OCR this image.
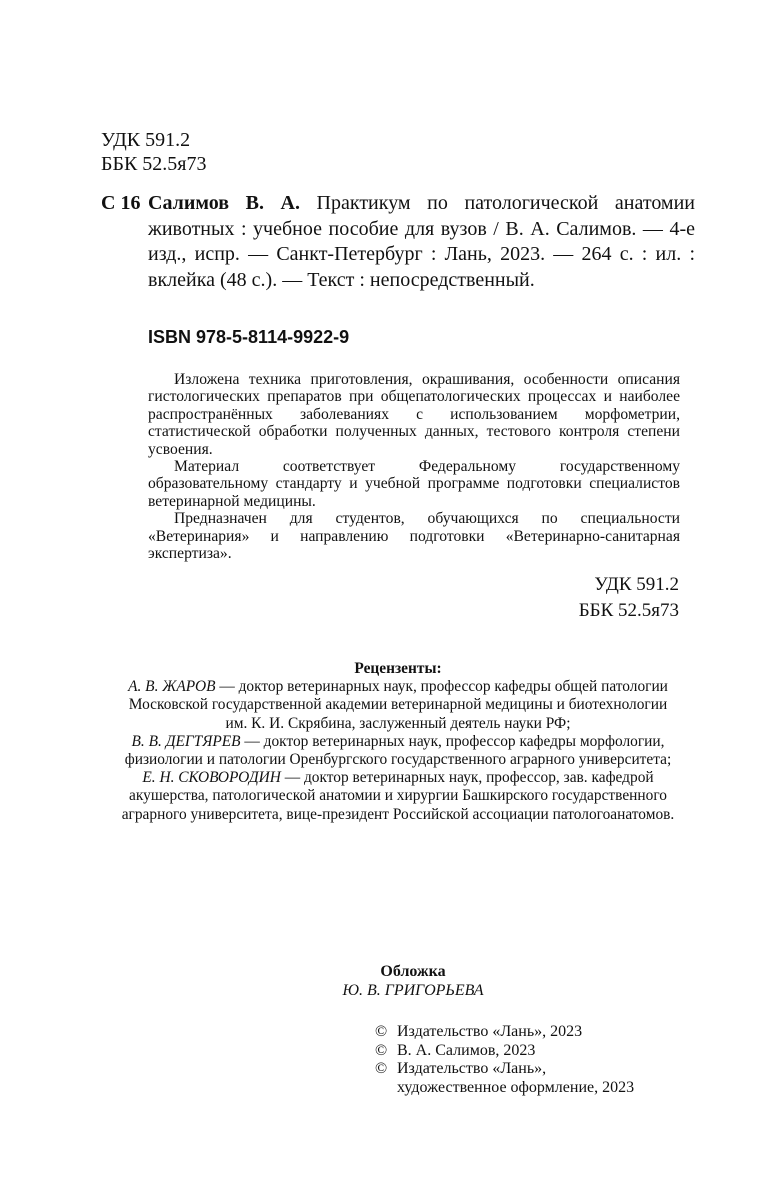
УДК 591.2
ББК 52.5я73
С 16 Салимов В. А. Практикум по патологической анатомии животных : учебное пособие для вузов / В. А. Салимов. — 4-е изд., испр. — Санкт-Петербург : Лань, 2023. — 264 с. : ил. : вклейка (48 с.). — Текст : непосредственный.
ISBN 978-5-8114-9922-9

Изложена техника приготовления, окрашивания, особенности описания гистологических препаратов при общепатологических процессах и наиболее распространённых заболеваниях с использованием морфометрии, статистической обработки полученных данных, тестового контроля степени усвоения.

Материал соответствует Федеральному государственному образовательному стандарту и учебной программе подготовки специалистов ветеринарной медицины.

Предназначен для студентов, обучающихся по специальности «Ветеринария» и направлению подготовки «Ветеринарно-санитарная экспертиза».

УДК 591.2
ББК 52.5я73
Рецензенты:
А. В. ЖАРОВ — доктор ветеринарных наук, профессор кафедры общей патологии Московской государственной академии ветеринарной медицины и биотехнологии им. К. И. Скрябина, заслуженный деятель науки РФ;
В. В. ДЕГТЯРЕВ — доктор ветеринарных наук, профессор кафедры морфологии, физиологии и патологии Оренбургского государственного аграрного университета;
Е. Н. СКОВОРОДИН — доктор ветеринарных наук, профессор, зав. кафедрой акушерства, патологической анатомии и хирургии Башкирского государственного аграрного университета, вице-президент Российской ассоциации патологоанатомов.
Обложка
Ю. В. ГРИГОРЬЕВА
© Издательство «Лань», 2023
© В. А. Салимов, 2023
© Издательство «Лань»,
художественное оформление, 2023
